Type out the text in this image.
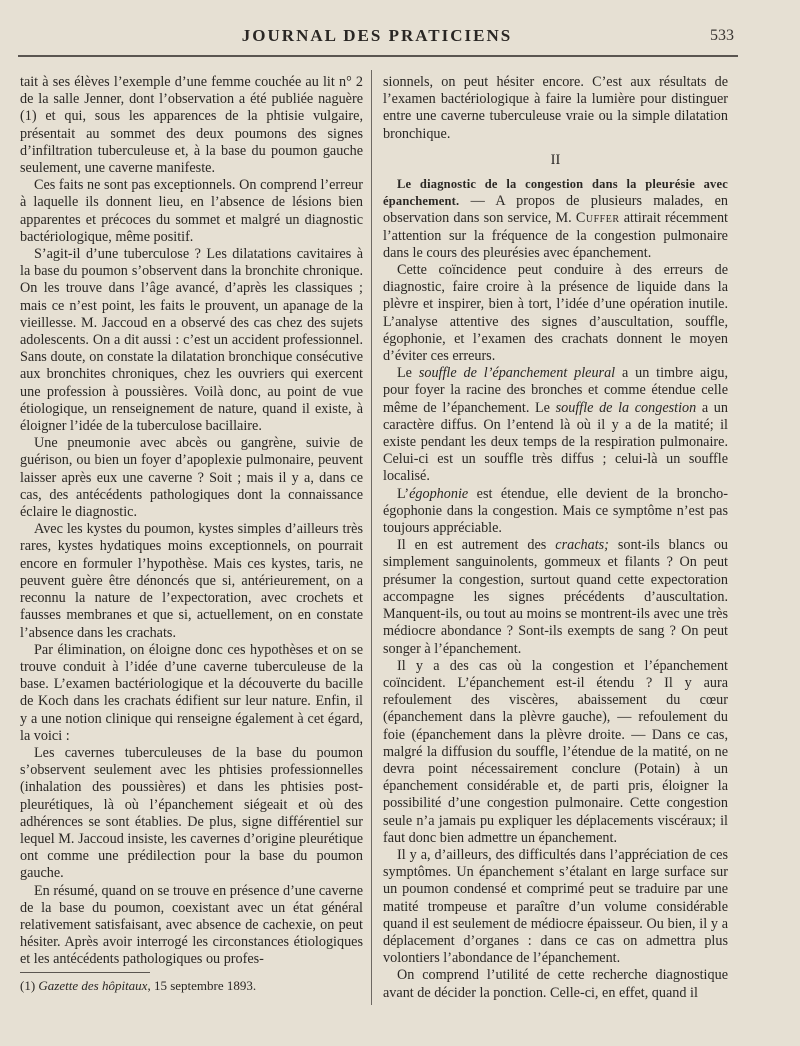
JOURNAL DES PRATICIENS	533

tait à ses élèves l’exemple d’une femme couchée au lit n° 2 de la salle Jenner, dont l’observation a été publiée naguère (1) et qui, sous les apparences de la phtisie vulgaire, présentait au sommet des deux poumons des signes d’infiltration tuberculeuse et, à la base du poumon gauche seulement, une caverne manifeste.

Ces faits ne sont pas exceptionnels. On comprend l’erreur à laquelle ils donnent lieu, en l’absence de lésions bien apparentes et précoces du sommet et malgré un diagnostic bactériologique, même positif.

S’agit-il d’une tuberculose ? Les dilatations cavitaires à la base du poumon s’observent dans la bronchite chronique. On les trouve dans l’âge avancé, d’après les classiques ; mais ce n’est point, les faits le prouvent, un apanage de la vieillesse. M. Jaccoud en a observé des cas chez des sujets adolescents. On a dit aussi : c’est un accident professionnel. Sans doute, on constate la dilatation bronchique consécutive aux bronchites chroniques, chez les ouvriers qui exercent une profession à poussières. Voilà donc, au point de vue étiologique, un renseignement de nature, quand il existe, à éloigner l’idée de la tuberculose bacillaire.

Une pneumonie avec abcès ou gangrène, suivie de guérison, ou bien un foyer d’apoplexie pulmonaire, peuvent laisser après eux une caverne ? Soit ; mais il y a, dans ce cas, des antécédents pathologiques dont la connaissance éclaire le diagnostic.

Avec les kystes du poumon, kystes simples d’ailleurs très rares, kystes hydatiques moins exceptionnels, on pourrait encore en formuler l’hypothèse. Mais ces kystes, taris, ne peuvent guère être dénoncés que si, antérieurement, on a reconnu la nature de l’expectoration, avec crochets et fausses membranes et que si, actuellement, on en constate l’absence dans les crachats.

Par élimination, on éloigne donc ces hypothèses et on se trouve conduit à l’idée d’une caverne tuberculeuse de la base. L’examen bactériologique et la découverte du bacille de Koch dans les crachats édifient sur leur nature. Enfin, il y a une notion clinique qui renseigne également à cet égard, la voici :

Les cavernes tuberculeuses de la base du poumon s’observent seulement avec les phtisies professionnelles (inhalation des poussières) et dans les phtisies post-pleurétiques, là où l’épanchement siégeait et où des adhérences se sont établies. De plus, signe différentiel sur lequel M. Jaccoud insiste, les cavernes d’origine pleurétique ont comme une prédilection pour la base du poumon gauche.

En résumé, quand on se trouve en présence d’une caverne de la base du poumon, coexistant avec un état général relativement satisfaisant, avec absence de cachexie, on peut hésiter. Après avoir interrogé les circonstances étiologiques et les antécédents pathologiques ou profes-

sionnels, on peut hésiter encore. C’est aux résultats de l’examen bactériologique à faire la lumière pour distinguer entre une caverne tuberculeuse vraie ou la simple dilatation bronchique.

II

Le diagnostic de la congestion dans la pleurésie avec épanchement. — A propos de plusieurs malades, en observation dans son service, M. Cuffer attirait récemment l’attention sur la fréquence de la congestion pulmonaire dans le cours des pleurésies avec épanchement.

Cette coïncidence peut conduire à des erreurs de diagnostic, faire croire à la présence de liquide dans la plèvre et inspirer, bien à tort, l’idée d’une opération inutile. L’analyse attentive des signes d’auscultation, souffle, égophonie, et l’examen des crachats donnent le moyen d’éviter ces erreurs.

Le souffle de l’épanchement pleural a un timbre aigu, pour foyer la racine des bronches et comme étendue celle même de l’épanchement. Le souffle de la congestion a un caractère diffus. On l’entend là où il y a de la matité; il existe pendant les deux temps de la respiration pulmonaire. Celui-ci est un souffle très diffus ; celui-là un souffle localisé.

L’égophonie est étendue, elle devient de la broncho-égophonie dans la congestion. Mais ce symptôme n’est pas toujours appréciable.

Il en est autrement des crachats; sont-ils blancs ou simplement sanguinolents, gommeux et filants ? On peut présumer la congestion, surtout quand cette expectoration accompagne les signes précédents d’auscultation. Manquent-ils, ou tout au moins se montrent-ils avec une très médiocre abondance ? Sont-ils exempts de sang ? On peut songer à l’épanchement.

Il y a des cas où la congestion et l’épanchement coïncident. L’épanchement est-il étendu ? Il y aura refoulement des viscères, abaissement du cœur (épanchement dans la plèvre gauche), — refoulement du foie (épanchement dans la plèvre droite. — Dans ce cas, malgré la diffusion du souffle, l’étendue de la matité, on ne devra point nécessairement conclure (Potain) à un épanchement considérable et, de parti pris, éloigner la possibilité d’une congestion pulmonaire. Cette congestion seule n’a jamais pu expliquer les déplacements viscéraux; il faut donc bien admettre un épanchement.

Il y a, d’ailleurs, des difficultés dans l’appréciation de ces symptômes. Un épanchement s’étalant en large surface sur un poumon condensé et comprimé peut se traduire par une matité trompeuse et paraître d’un volume considérable quand il est seulement de médiocre épaisseur. Ou bien, il y a déplacement d’organes : dans ce cas on admettra plus volontiers l’abondance de l’épanchement.

On comprend l’utilité de cette recherche diagnostique avant de décider la ponction. Celle-ci, en effet, quand il

(1) Gazette des hôpitaux, 15 septembre 1893.
